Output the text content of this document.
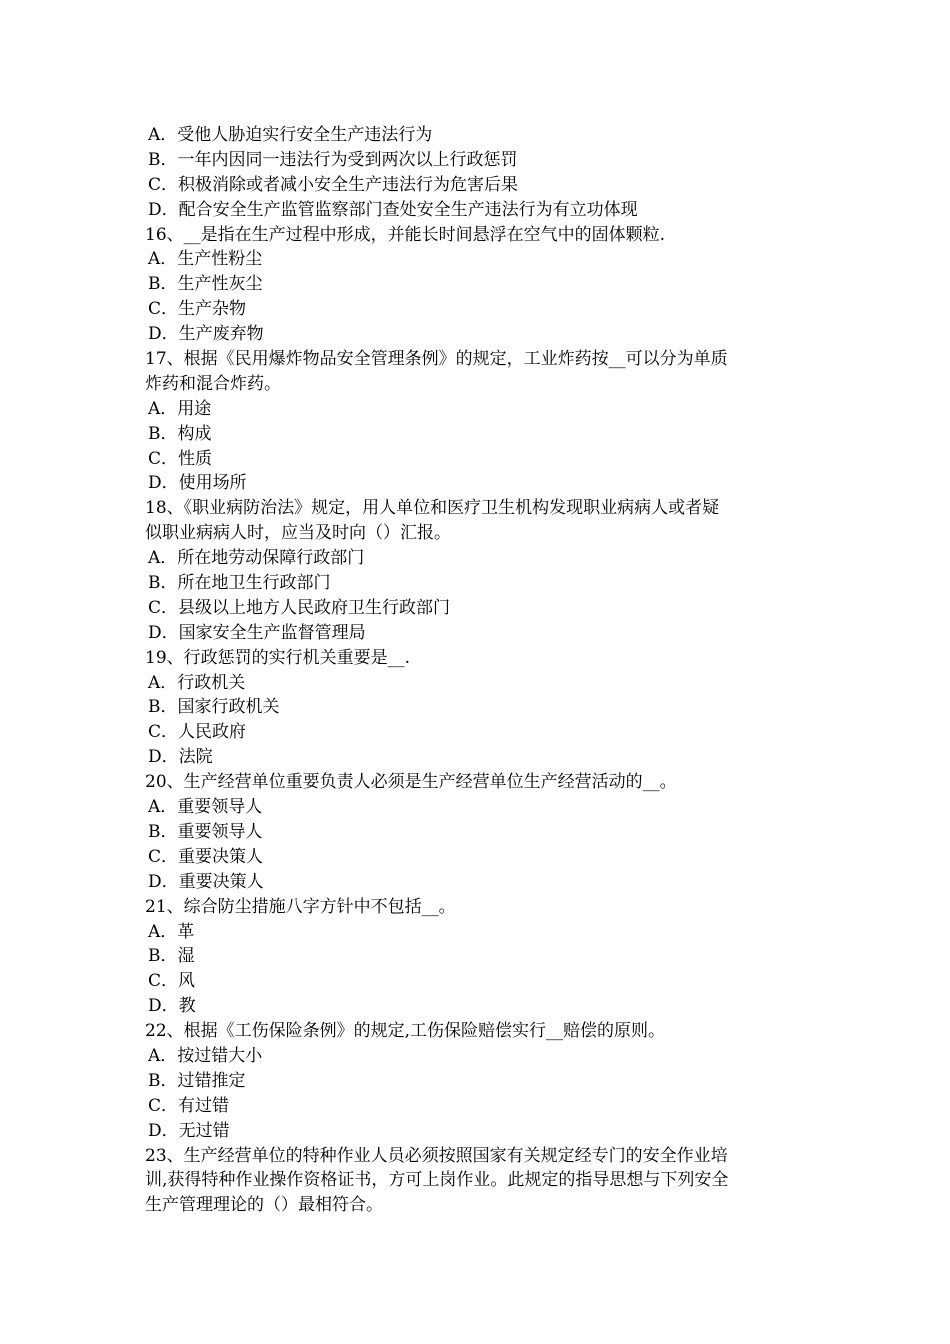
A．受他人胁迫实行安全生产违法行为
B．一年内因同一违法行为受到两次以上行政惩罚
C．积极消除或者减小安全生产违法行为危害后果
D．配合安全生产监管监察部门查处安全生产违法行为有立功体现
16、__是指在生产过程中形成，并能长时间悬浮在空气中的固体颗粒.
A．生产性粉尘
B．生产性灰尘
C．生产杂物
D．生产废弃物
17、根据《民用爆炸物品安全管理条例》的规定，工业炸药按__可以分为单质
炸药和混合炸药。
A．用途
B．构成
C．性质
D．使用场所
18、《职业病防治法》规定，用人单位和医疗卫生机构发现职业病病人或者疑
似职业病病人时，应当及时向（）汇报。
A．所在地劳动保障行政部门
B．所在地卫生行政部门
C．县级以上地方人民政府卫生行政部门
D．国家安全生产监督管理局
19、行政惩罚的实行机关重要是__.
A．行政机关
B．国家行政机关
C．人民政府
D．法院
20、生产经营单位重要负责人必须是生产经营单位生产经营活动的__。
A．重要领导人
B．重要领导人
C．重要决策人
D．重要决策人
21、综合防尘措施八字方针中不包括__。
A．革
B．湿
C．风
D．教
22、根据《工伤保险条例》的规定,工伤保险赔偿实行__赔偿的原则。
A．按过错大小
B．过错推定
C．有过错
D．无过错
23、生产经营单位的特种作业人员必须按照国家有关规定经专门的安全作业培
训,获得特种作业操作资格证书，方可上岗作业。此规定的指导思想与下列安全
生产管理理论的（）最相符合。
